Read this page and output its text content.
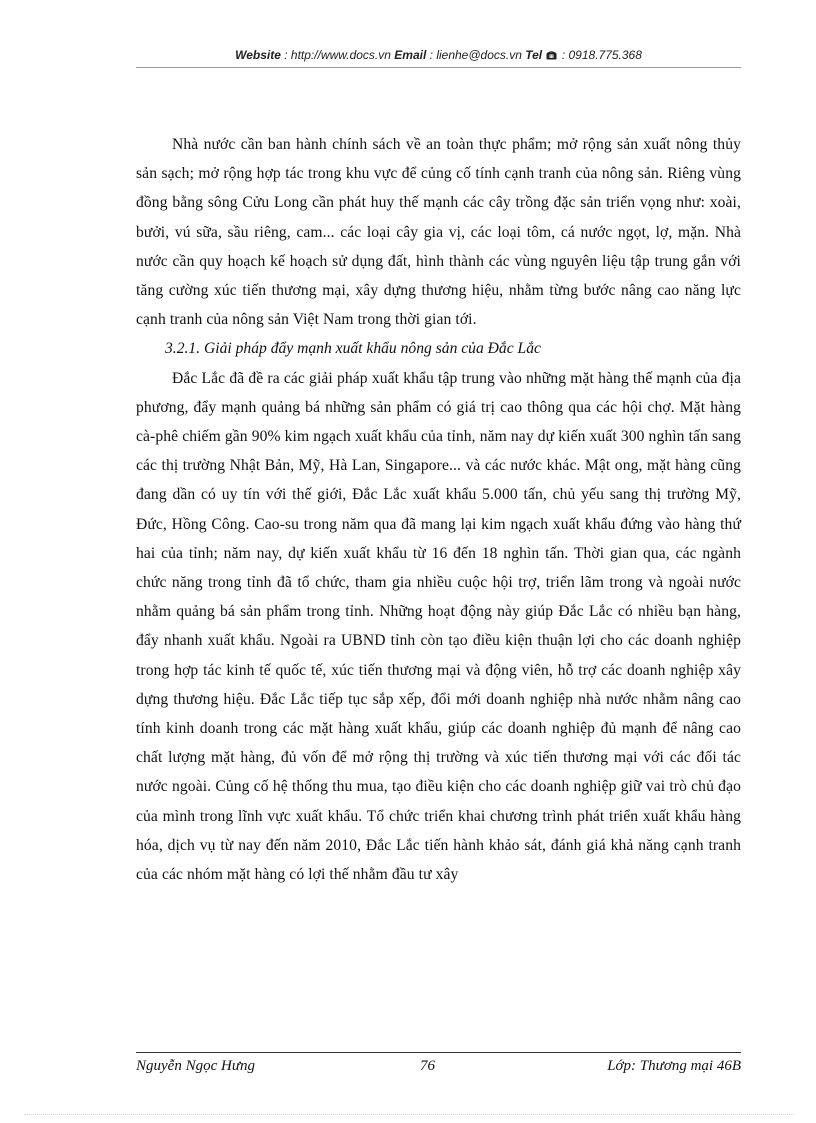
Website : http://www.docs.vn Email : lienhe@docs.vn Tel  : 0918.775.368

Nhà nước cần ban hành chính sách về an toàn thực phẩm; mở rộng sản xuất nông thủy sản sạch; mở rộng hợp tác trong khu vực để củng cố tính cạnh tranh của nông sản. Riêng vùng đồng bằng sông Cửu Long cần phát huy thế mạnh các cây trồng đặc sản triển vọng như: xoài, bưởi, vú sữa, sầu riêng, cam... các loại cây gia vị, các loại tôm, cá nước ngọt, lợ, mặn. Nhà nước cần quy hoạch kế hoạch sử dụng đất, hình thành các vùng nguyên liệu tập trung gắn với tăng cường xúc tiến thương mại, xây dựng thương hiệu, nhằm từng bước nâng cao năng lực cạnh tranh của nông sản Việt Nam trong thời gian tới.

3.2.1. Giải pháp đẩy mạnh xuất khẩu nông sản của Đắc Lắc

Đắc Lắc đã đề ra các giải pháp xuất khẩu tập trung vào những mặt hàng thế mạnh của địa phương, đẩy mạnh quảng bá những sản phẩm có giá trị cao thông qua các hội chợ. Mặt hàng cà-phê chiếm gần 90% kim ngạch xuất khẩu của tỉnh, năm nay dự kiến xuất 300 nghìn tấn sang các thị trường Nhật Bản, Mỹ, Hà Lan, Singapore... và các nước khác. Mật ong, mặt hàng cũng đang dần có uy tín với thế giới, Đắc Lắc xuất khẩu 5.000 tấn, chủ yếu sang thị trường Mỹ, Đức, Hồng Công. Cao-su trong năm qua đã mang lại kim ngạch xuất khẩu đứng vào hàng thứ hai của tỉnh; năm nay, dự kiến xuất khẩu từ 16 đến 18 nghìn tấn. Thời gian qua, các ngành chức năng trong tỉnh đã tổ chức, tham gia nhiều cuộc hội trợ, triển lãm trong và ngoài nước nhằm quảng bá sản phẩm trong tỉnh. Những hoạt động này giúp Đắc Lắc có nhiều bạn hàng, đẩy nhanh xuất khẩu. Ngoài ra UBND tỉnh còn tạo điều kiện thuận lợi cho các doanh nghiệp trong hợp tác kinh tế quốc tế, xúc tiến thương mại và động viên, hỗ trợ các doanh nghiệp xây dựng thương hiệu. Đắc Lắc tiếp tục sắp xếp, đổi mới doanh nghiệp nhà nước nhằm nâng cao tính kinh doanh trong các mặt hàng xuất khẩu, giúp các doanh nghiệp đủ mạnh để nâng cao chất lượng mặt hàng, đủ vốn để mở rộng thị trường và xúc tiến thương mại với các đối tác nước ngoài. Củng cố hệ thống thu mua, tạo điều kiện cho các doanh nghiệp giữ vai trò chủ đạo của mình trong lĩnh vực xuất khẩu. Tổ chức triển khai chương trình phát triển xuất khẩu hàng hóa, dịch vụ từ nay đến năm 2010, Đắc Lắc tiến hành khảo sát, đánh giá khả năng cạnh tranh của các nhóm mặt hàng có lợi thế nhằm đầu tư xây

Nguyễn Ngọc Hưng	76	Lớp: Thương mại 46B
